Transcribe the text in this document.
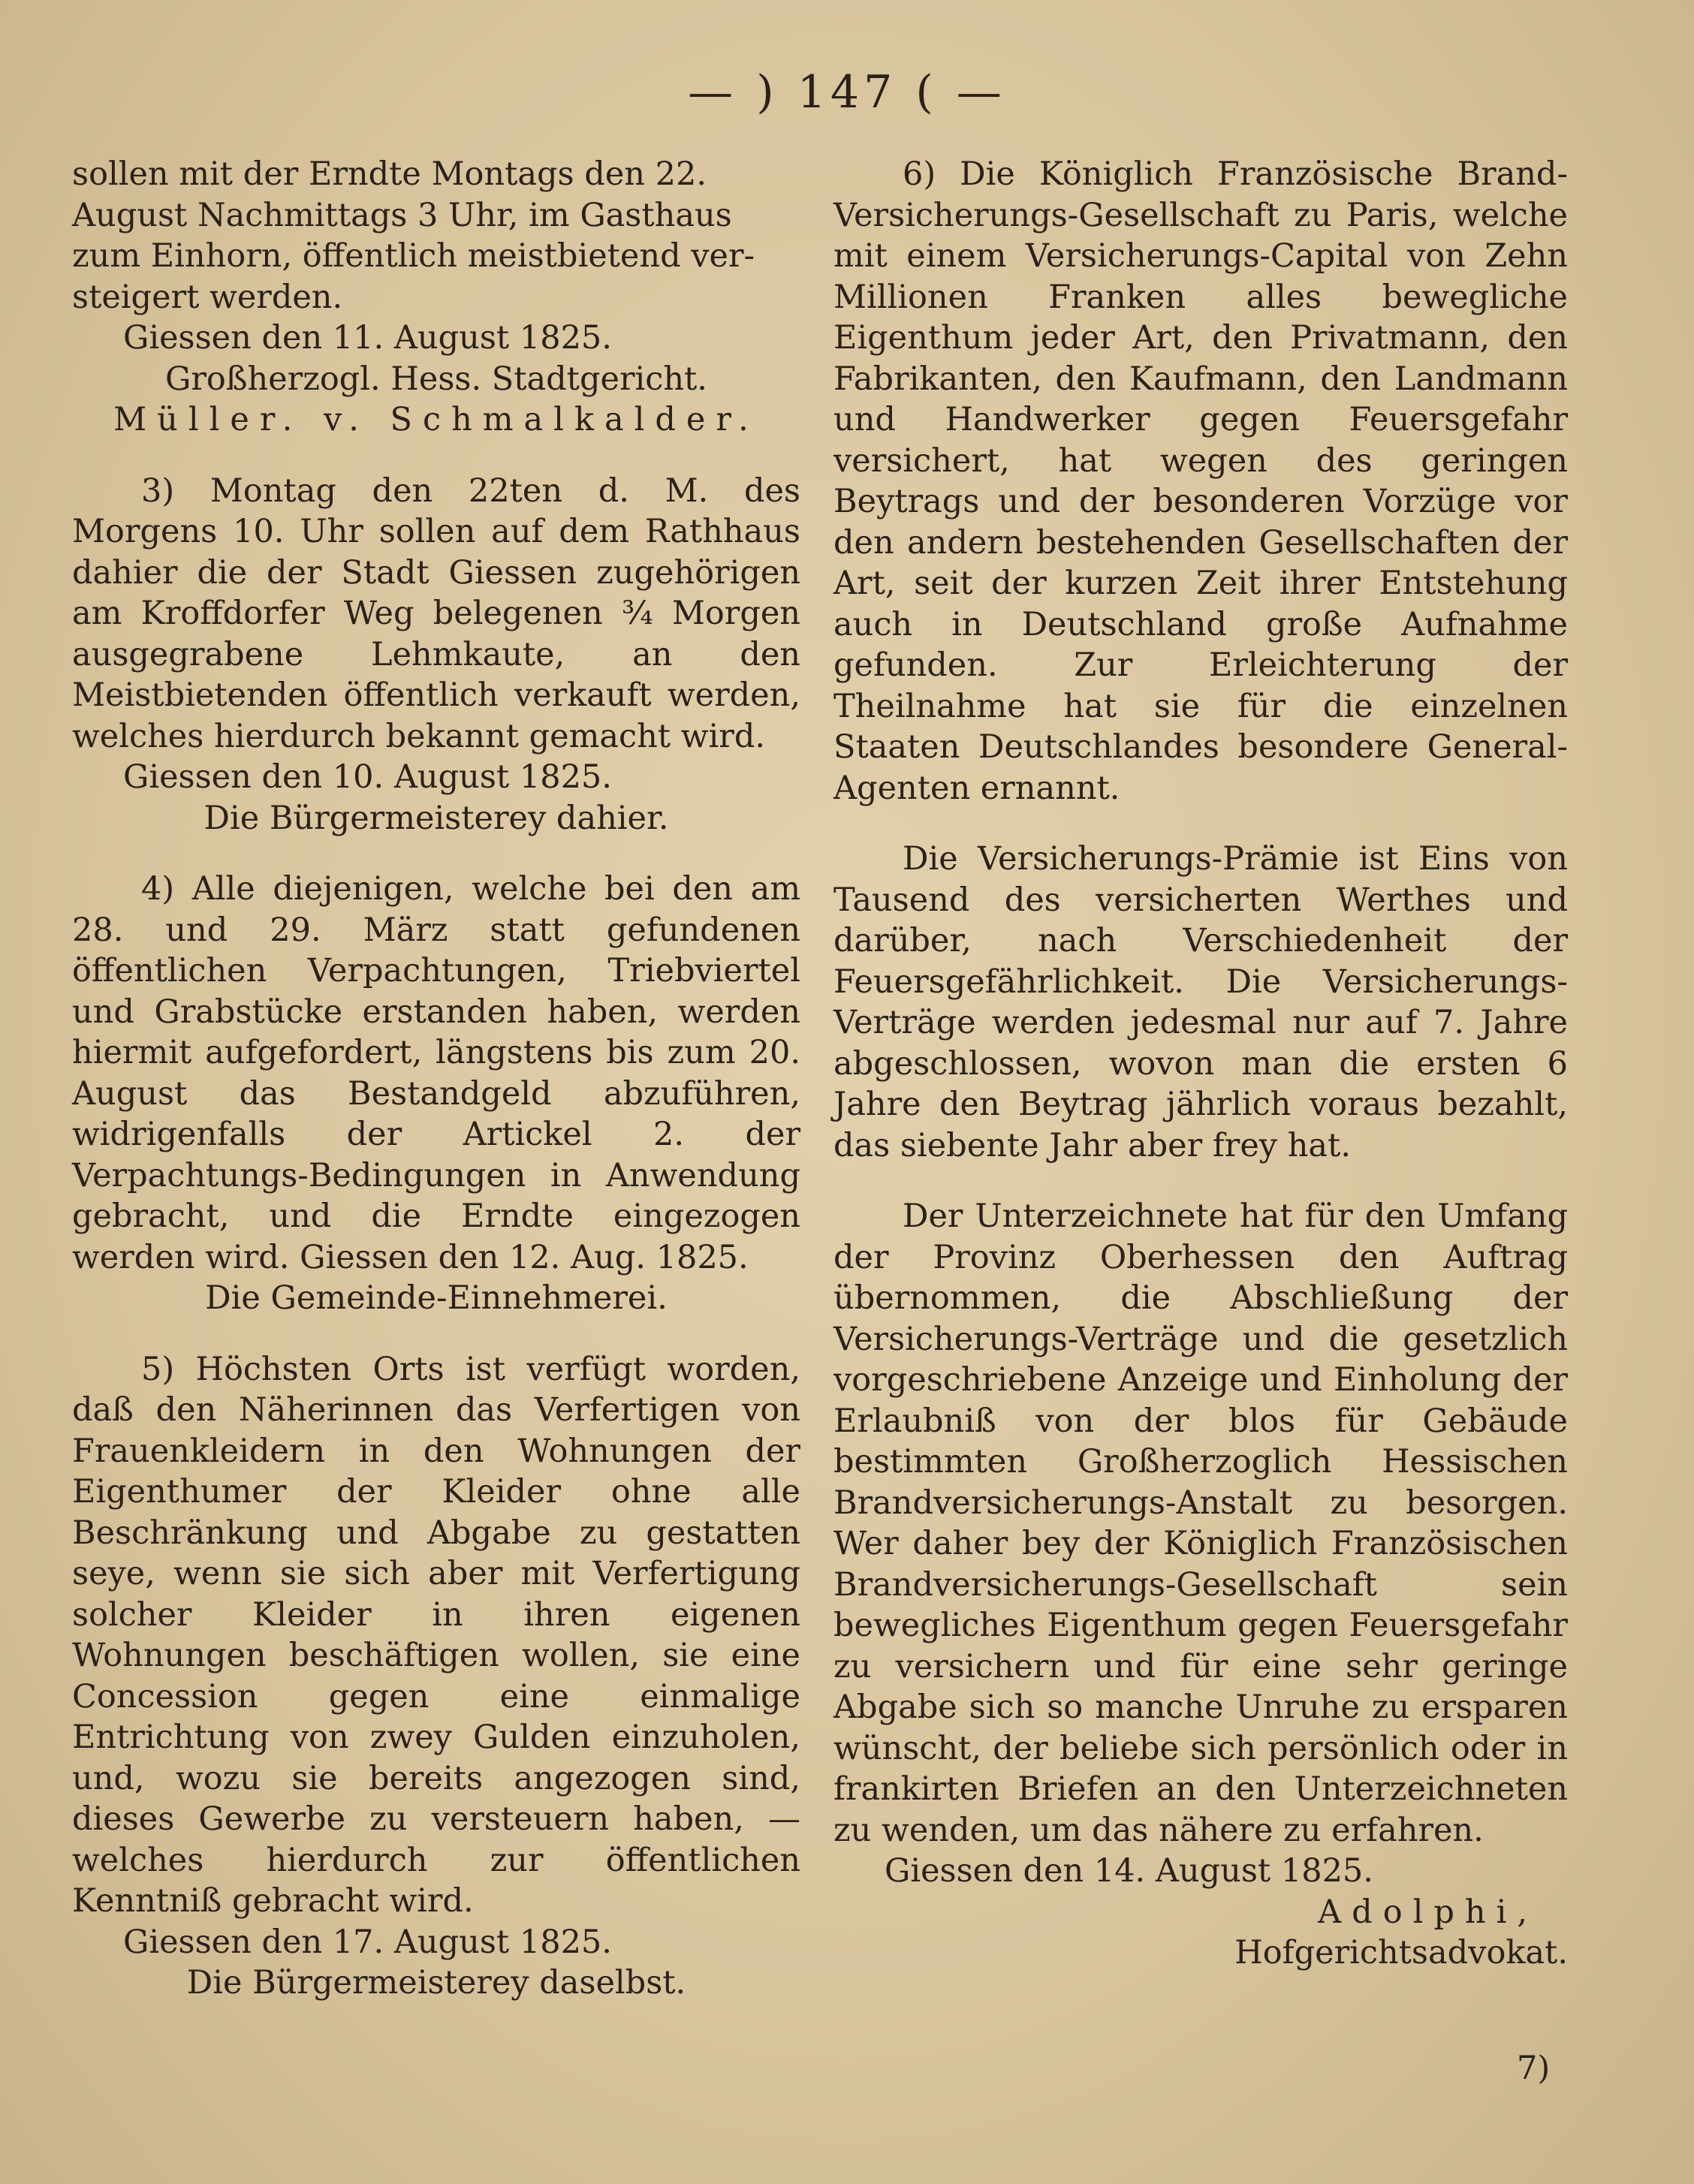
— ) 147 ( —

sollen mit der Erndte Montags den 22.

August Nachmittags 3 Uhr, im Gasthaus

zum Einhorn, öffentlich meistbietend ver-

steigert werden.

Giessen den 11. August 1825.

Großherzogl. Hess. Stadtgericht.

Müller. v. Schmalkalder.

3) Montag den 22ten d. M. des Morgens 10. Uhr sollen auf dem Rathhaus dahier die der Stadt Giessen zugehörigen am Kroffdorfer Weg belegenen ¾ Morgen ausgegrabene Lehmkaute, an den Meistbietenden öffentlich verkauft werden, welches hierdurch bekannt gemacht wird.

Giessen den 10. August 1825.

Die Bürgermeisterey dahier.

4) Alle diejenigen, welche bei den am 28. und 29. März statt gefundenen öffentlichen Verpachtungen, Triebviertel und Grabstücke erstanden haben, werden hiermit aufgefordert, längstens bis zum 20. August das Bestandgeld abzuführen, widrigenfalls der Artickel 2. der Verpachtungs-Bedingungen in Anwendung gebracht, und die Erndte eingezogen werden wird. Giessen den 12. Aug. 1825.

Die Gemeinde-Einnehmerei.

5) Höchsten Orts ist verfügt worden, daß den Näherinnen das Verfertigen von Frauenkleidern in den Wohnungen der Eigenthumer der Kleider ohne alle Beschränkung und Abgabe zu gestatten seye, wenn sie sich aber mit Verfertigung solcher Kleider in ihren eigenen Wohnungen beschäftigen wollen, sie eine Concession gegen eine einmalige Entrichtung von zwey Gulden einzuholen, und, wozu sie bereits angezogen sind, dieses Gewerbe zu versteuern haben, — welches hierdurch zur öffentlichen Kenntniß gebracht wird.

Giessen den 17. August 1825.

Die Bürgermeisterey daselbst.

6) Die Königlich Französische Brand-Versicherungs-Gesellschaft zu Paris, welche mit einem Versicherungs-Capital von Zehn Millionen Franken alles bewegliche Eigenthum jeder Art, den Privatmann, den Fabrikanten, den Kaufmann, den Landmann und Handwerker gegen Feuersgefahr versichert, hat wegen des geringen Beytrags und der besonderen Vorzüge vor den andern bestehenden Gesellschaften der Art, seit der kurzen Zeit ihrer Entstehung auch in Deutschland große Aufnahme gefunden. Zur Erleichterung der Theilnahme hat sie für die einzelnen Staaten Deutschlandes besondere General-Agenten ernannt.

Die Versicherungs-Prämie ist Eins von Tausend des versicherten Werthes und darüber, nach Verschiedenheit der Feuersgefährlichkeit. Die Versicherungs-Verträge werden jedesmal nur auf 7. Jahre abgeschlossen, wovon man die ersten 6 Jahre den Beytrag jährlich voraus bezahlt, das siebente Jahr aber frey hat.

Der Unterzeichnete hat für den Umfang der Provinz Oberhessen den Auftrag übernommen, die Abschließung der Versicherungs-Verträge und die gesetzlich vorgeschriebene Anzeige und Einholung der Erlaubniß von der blos für Gebäude bestimmten Großherzoglich Hessischen Brandversicherungs-Anstalt zu besorgen. Wer daher bey der Königlich Französischen Brandversicherungs-Gesellschaft sein bewegliches Eigenthum gegen Feuersgefahr zu versichern und für eine sehr geringe Abgabe sich so manche Unruhe zu ersparen wünscht, der beliebe sich persönlich oder in frankirten Briefen an den Unterzeichneten zu wenden, um das nähere zu erfahren.

Giessen den 14. August 1825.

Adolphi,

Hofgerichtsadvokat.

7)
